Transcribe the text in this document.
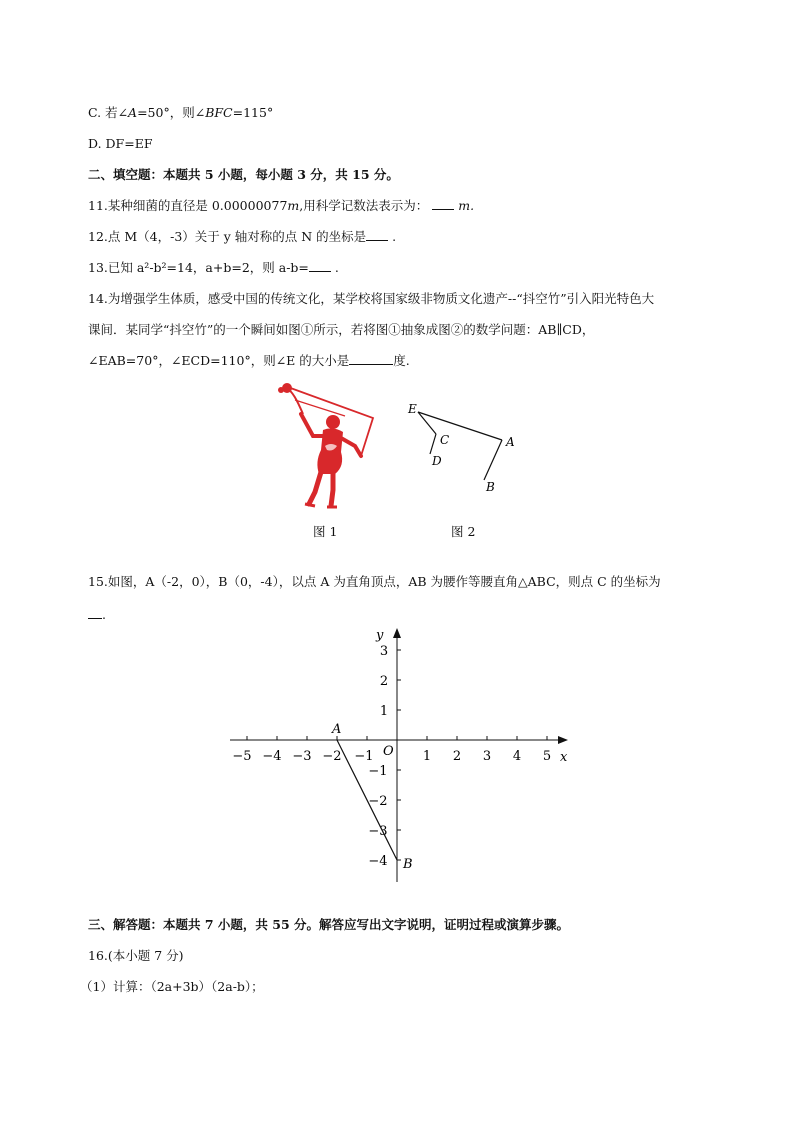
C. 若∠A=50°，则∠BFC=115°
D. DF=EF
二、填空题：本题共 5 小题，每小题 3 分，共 15 分。
11.某种细菌的直径是 0.00000077m,用科学记数法表示为： m.
12.点 M（4，-3）关于 y 轴对称的点 N 的坐标是 .
13.已知 a²-b²=14，a+b=2，则 a-b= .
14.为增强学生体质，感受中国的传统文化，某学校将国家级非物质文化遗产--“抖空竹”引入阳光特色大
课间．某同学“抖空竹”的一个瞬间如图①所示，若将图①抽象成图②的数学问题：AB∥CD，
∠EAB=70°，∠ECD=110°，则∠E 的大小是	度.
E
C
D
A
B
图 1	图 2
15.如图，A（-2，0），B（0，-4），以点 A 为直角顶点，AB 为腰作等腰直角△ABC，则点 C 的坐标为
.
−5 −4 −3 −2 −1	1 2 3 4 5
3
2
1
−1
−2
−3
−4
x
y
O
A
B
三、解答题：本题共 7 小题，共 55 分。解答应写出文字说明，证明过程或演算步骤。
16.(本小题 7 分)
（1）计算：（2a+3b）（2a-b）；
